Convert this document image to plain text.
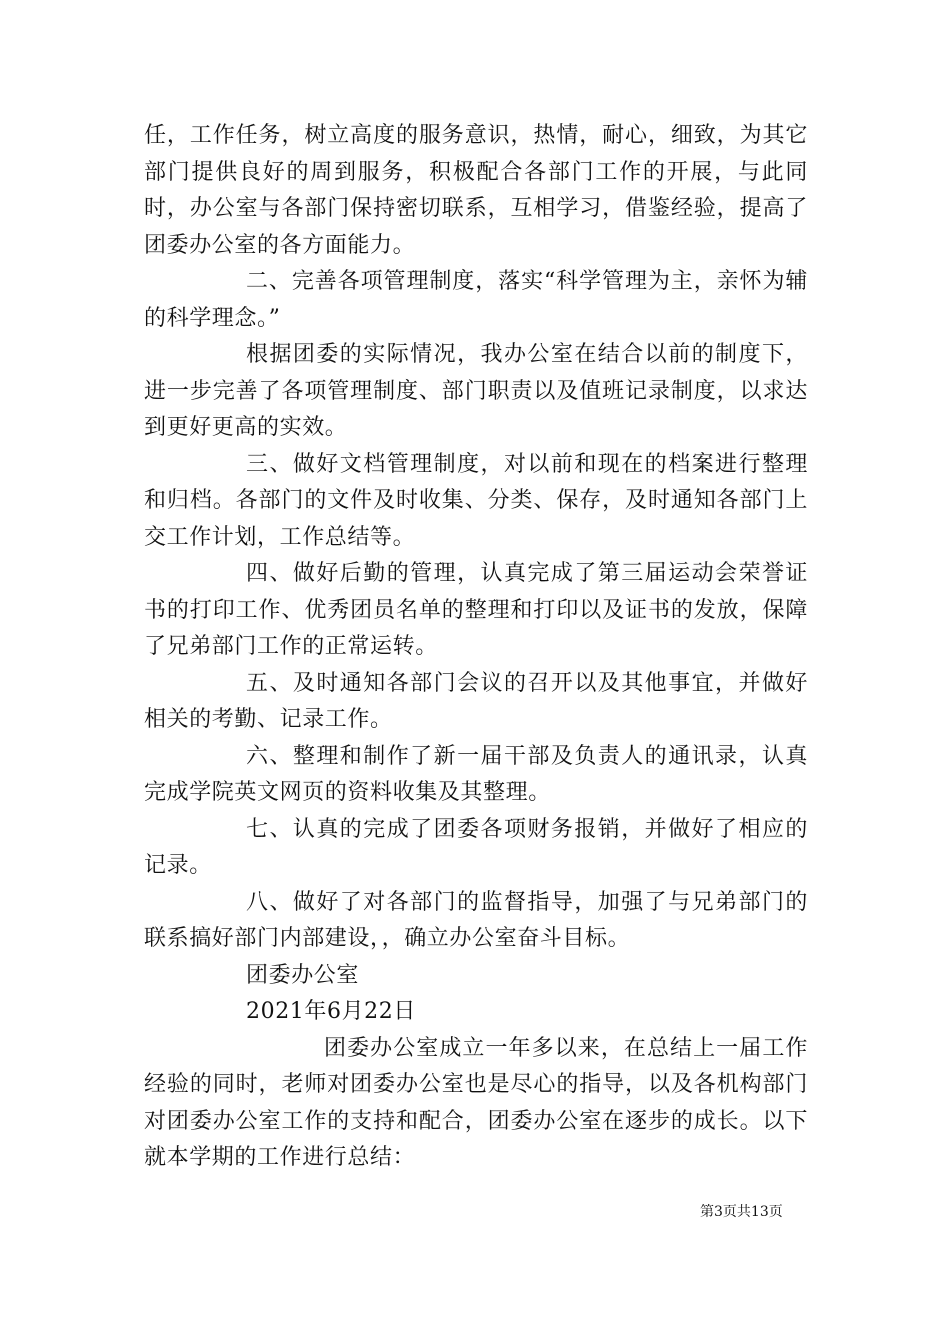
任，工作任务，树立高度的服务意识，热情，耐心，细致，为其它部门提供良好的周到服务，积极配合各部门工作的开展，与此同时，办公室与各部门保持密切联系，互相学习，借鉴经验，提高了团委办公室的各方面能力。

二、完善各项管理制度，落实“科学管理为主，亲怀为辅的科学理念。”

根据团委的实际情况，我办公室在结合以前的制度下，进一步完善了各项管理制度、部门职责以及值班记录制度，以求达到更好更高的实效。

三、做好文档管理制度，对以前和现在的档案进行整理和归档。各部门的文件及时收集、分类、保存，及时通知各部门上交工作计划，工作总结等。

四、做好后勤的管理，认真完成了第三届运动会荣誉证书的打印工作、优秀团员名单的整理和打印以及证书的发放，保障了兄弟部门工作的正常运转。

五、及时通知各部门会议的召开以及其他事宜，并做好相关的考勤、记录工作。

六、整理和制作了新一届干部及负责人的通讯录，认真完成学院英文网页的资料收集及其整理。

七、认真的完成了团委各项财务报销，并做好了相应的记录。

八、做好了对各部门的监督指导，加强了与兄弟部门的联系搞好部门内部建设，，确立办公室奋斗目标。

团委办公室

2021年6月22日

团委办公室成立一年多以来，在总结上一届工作经验的同时，老师对团委办公室也是尽心的指导，以及各机构部门对团委办公室工作的支持和配合，团委办公室在逐步的成长。以下就本学期的工作进行总结：

第3页共13页
